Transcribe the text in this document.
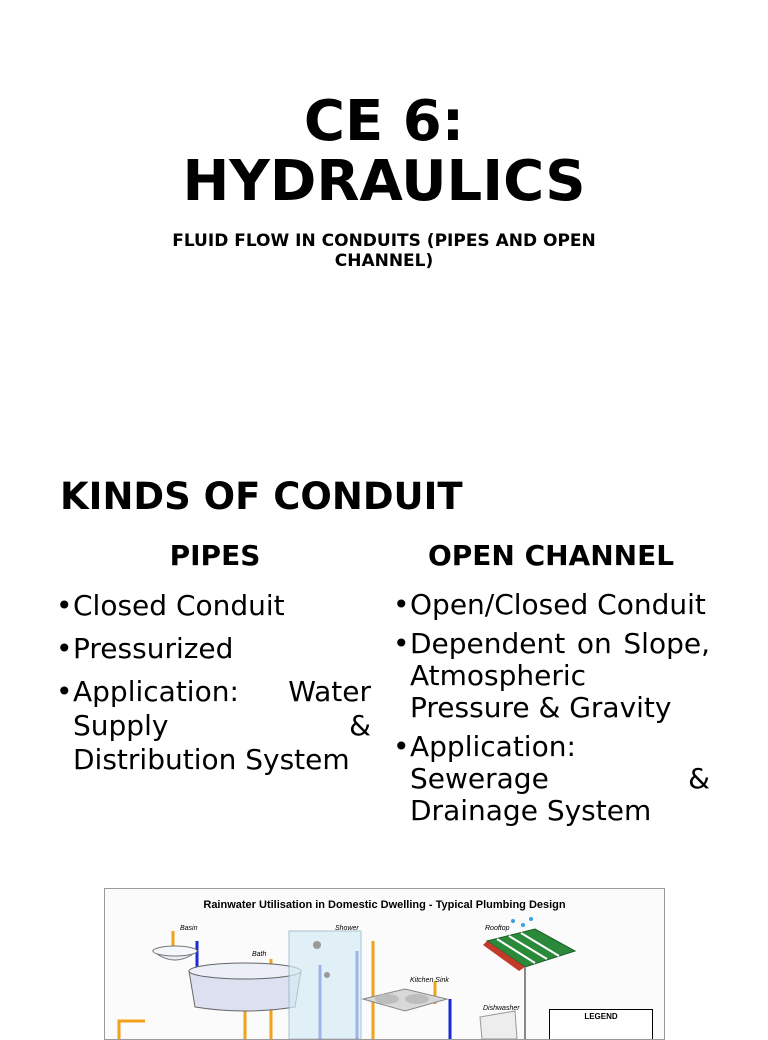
CE 6:
HYDRAULICS
FLUID FLOW IN CONDUITS (PIPES AND OPEN
CHANNEL)
KINDS OF CONDUIT
PIPES	OPEN CHANNEL
• Closed Conduit
• Pressurized
• Application: Water Supply & Distribution System
• Open/Closed Conduit
• Dependent on Slope, Atmospheric Pressure & Gravity
• Application: Sewerage & Drainage System
Rainwater Utilisation in Domestic Dwelling - Typical Plumbing Design
Basin
Bath
Shower
Kitchen Sink
Rooftop
Dishwasher
LEGEND
